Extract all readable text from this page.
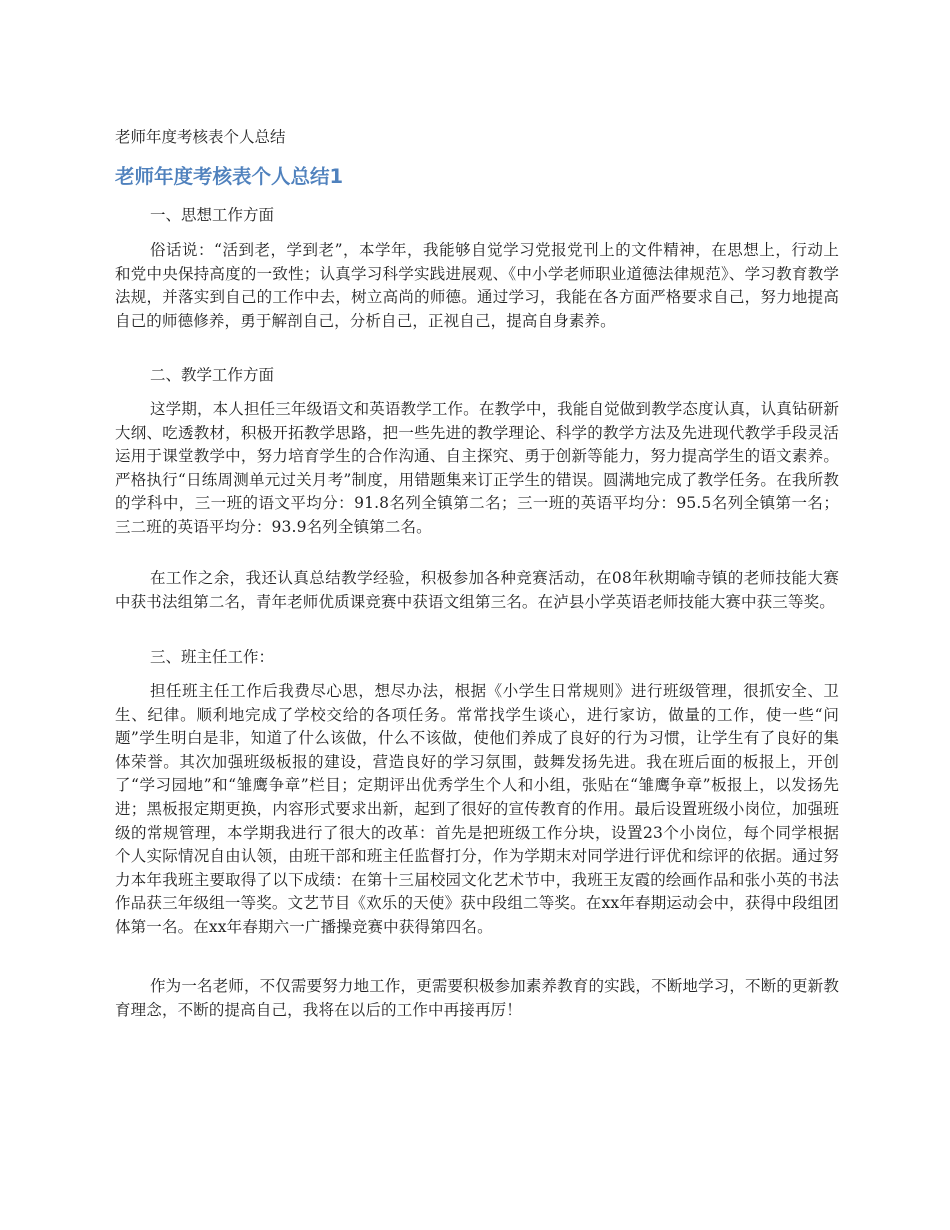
老师年度考核表个人总结
老师年度考核表个人总结1
一、思想工作方面
俗话说：“活到老，学到老”，本学年，我能够自觉学习党报党刊上的文件精神，在思想上，行动上和党中央保持高度的一致性；认真学习科学实践进展观、《中小学老师职业道德法律规范》、学习教育教学法规，并落实到自己的工作中去，树立高尚的师德。通过学习，我能在各方面严格要求自己，努力地提高自己的师德修养，勇于解剖自己，分析自己，正视自己，提高自身素养。
二、教学工作方面
这学期，本人担任三年级语文和英语教学工作。在教学中，我能自觉做到教学态度认真，认真钻研新大纲、吃透教材，积极开拓教学思路，把一些先进的教学理论、科学的教学方法及先进现代教学手段灵活运用于课堂教学中，努力培育学生的合作沟通、自主探究、勇于创新等能力，努力提高学生的语文素养。严格执行“日练周测单元过关月考”制度，用错题集来订正学生的错误。圆满地完成了教学任务。在我所教的学科中，三一班的语文平均分：91.8名列全镇第二名；三一班的英语平均分：95.5名列全镇第一名；三二班的英语平均分：93.9名列全镇第二名。
在工作之余，我还认真总结教学经验，积极参加各种竞赛活动，在08年秋期喻寺镇的老师技能大赛中获书法组第二名，青年老师优质课竞赛中获语文组第三名。在泸县小学英语老师技能大赛中获三等奖。
三、班主任工作：
担任班主任工作后我费尽心思，想尽办法，根据《小学生日常规则》进行班级管理，很抓安全、卫生、纪律。顺利地完成了学校交给的各项任务。常常找学生谈心，进行家访，做量的工作，使一些“问题”学生明白是非，知道了什么该做，什么不该做，使他们养成了良好的行为习惯，让学生有了良好的集体荣誉。其次加强班级板报的建设，营造良好的学习氛围，鼓舞发扬先进。我在班后面的板报上，开创了“学习园地”和“雏鹰争章”栏目；定期评出优秀学生个人和小组，张贴在“雏鹰争章”板报上，以发扬先进；黑板报定期更换，内容形式要求出新，起到了很好的宣传教育的作用。最后设置班级小岗位，加强班级的常规管理，本学期我进行了很大的改革：首先是把班级工作分块，设置23个小岗位，每个同学根据个人实际情况自由认领，由班干部和班主任监督打分，作为学期末对同学进行评优和综评的依据。通过努力本年我班主要取得了以下成绩：在第十三届校园文化艺术节中，我班王友霞的绘画作品和张小英的书法作品获三年级组一等奖。文艺节目《欢乐的天使》获中段组二等奖。在xx年春期运动会中，获得中段组团体第一名。在xx年春期六一广播操竞赛中获得第四名。
作为一名老师，不仅需要努力地工作，更需要积极参加素养教育的实践，不断地学习，不断的更新教育理念，不断的提高自己，我将在以后的工作中再接再厉！
